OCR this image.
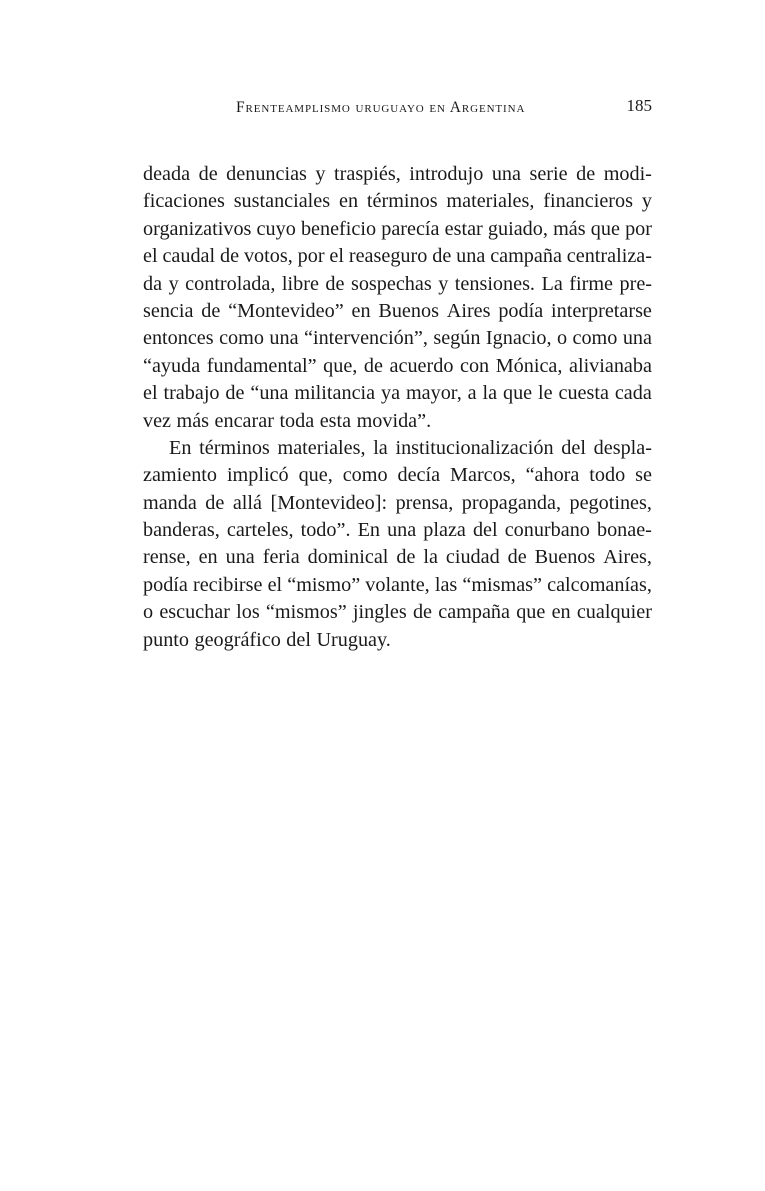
Frenteamplismo uruguayo en Argentina	185
deada de denuncias y traspiés, introdujo una serie de modi-
ficaciones sustanciales en términos materiales, financieros y
organizativos cuyo beneficio parecía estar guiado, más que por
el caudal de votos, por el reaseguro de una campaña centraliza-
da y controlada, libre de sospechas y tensiones. La firme pre-
sencia de “Montevideo” en Buenos Aires podía interpretarse
entonces como una “intervención”, según Ignacio, o como una
“ayuda fundamental” que, de acuerdo con Mónica, alivianaba
el trabajo de “una militancia ya mayor, a la que le cuesta cada
vez más encarar toda esta movida”.
En términos materiales, la institucionalización del despla-
zamiento implicó que, como decía Marcos, “ahora todo se
manda de allá [Montevideo]: prensa, propaganda, pegotines,
banderas, carteles, todo”. En una plaza del conurbano bonae-
rense, en una feria dominical de la ciudad de Buenos Aires,
podía recibirse el “mismo” volante, las “mismas” calcomanías,
o escuchar los “mismos” jingles de campaña que en cualquier
punto geográfico del Uruguay.
